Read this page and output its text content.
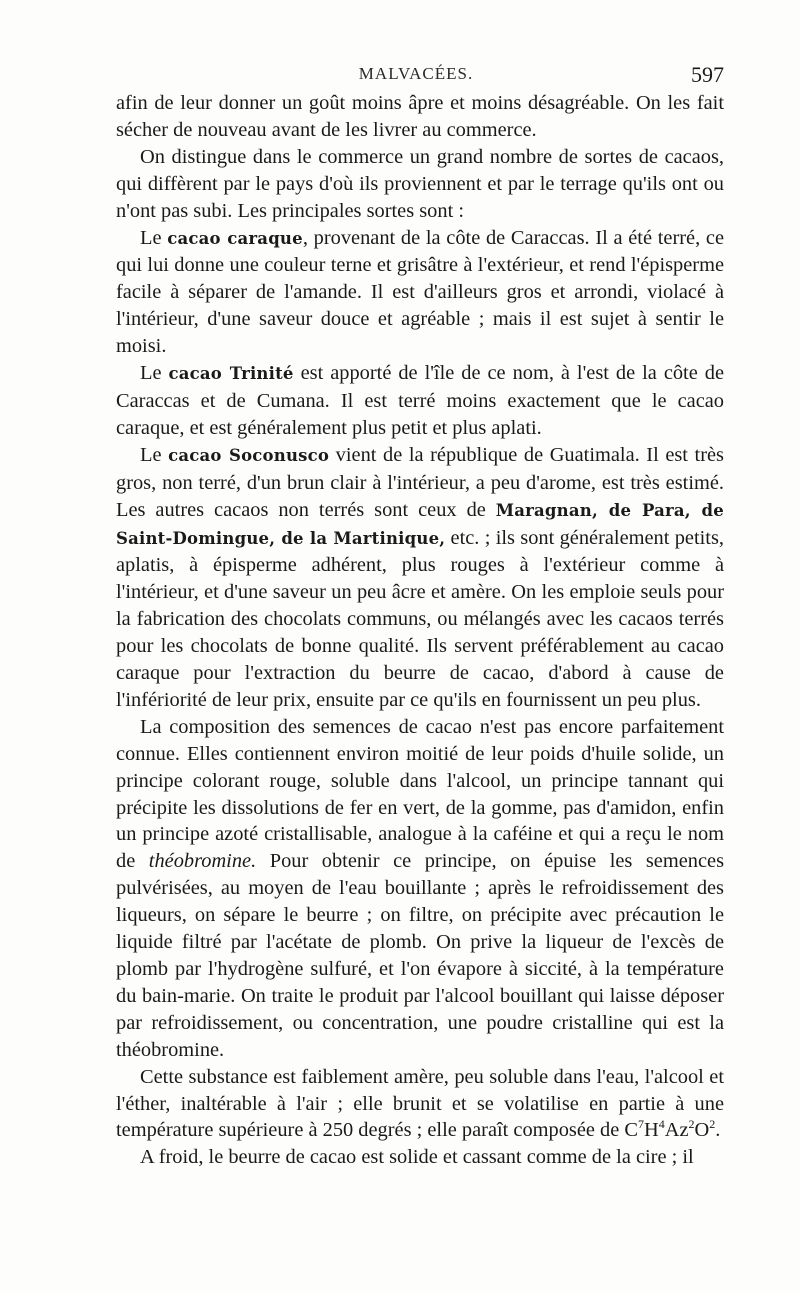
MALVACÉES.	597

afin de leur donner un goût moins âpre et moins désagréable. On les fait sécher de nouveau avant de les livrer au commerce.

On distingue dans le commerce un grand nombre de sortes de cacaos, qui diffèrent par le pays d'où ils proviennent et par le terrage qu'ils ont ou n'ont pas subi. Les principales sortes sont :

Le cacao caraque, provenant de la côte de Caraccas. Il a été terré, ce qui lui donne une couleur terne et grisâtre à l'extérieur, et rend l'épisperme facile à séparer de l'amande. Il est d'ailleurs gros et arrondi, violacé à l'intérieur, d'une saveur douce et agréable ; mais il est sujet à sentir le moisi.

Le cacao Trinité est apporté de l'île de ce nom, à l'est de la côte de Caraccas et de Cumana. Il est terré moins exactement que le cacao caraque, et est généralement plus petit et plus aplati.

Le cacao Soconusco vient de la république de Guatimala. Il est très gros, non terré, d'un brun clair à l'intérieur, a peu d'arome, est très estimé. Les autres cacaos non terrés sont ceux de Maragnan, de Para, de Saint-Domingue, de la Martinique, etc. ; ils sont généralement petits, aplatis, à épisperme adhérent, plus rouges à l'extérieur comme à l'intérieur, et d'une saveur un peu âcre et amère. On les emploie seuls pour la fabrication des chocolats communs, ou mélangés avec les cacaos terrés pour les chocolats de bonne qualité. Ils servent préférablement au cacao caraque pour l'extraction du beurre de cacao, d'abord à cause de l'infériorité de leur prix, ensuite par ce qu'ils en fournissent un peu plus.

La composition des semences de cacao n'est pas encore parfaitement connue. Elles contiennent environ moitié de leur poids d'huile solide, un principe colorant rouge, soluble dans l'alcool, un principe tannant qui précipite les dissolutions de fer en vert, de la gomme, pas d'amidon, enfin un principe azoté cristallisable, analogue à la caféine et qui a reçu le nom de théobromine. Pour obtenir ce principe, on épuise les semences pulvérisées, au moyen de l'eau bouillante ; après le refroidissement des liqueurs, on sépare le beurre ; on filtre, on précipite avec précaution le liquide filtré par l'acétate de plomb. On prive la liqueur de l'excès de plomb par l'hydrogène sulfuré, et l'on évapore à siccité, à la température du bain-marie. On traite le produit par l'alcool bouillant qui laisse déposer par refroidissement, ou concentration, une poudre cristalline qui est la théobromine.

Cette substance est faiblement amère, peu soluble dans l'eau, l'alcool et l'éther, inaltérable à l'air ; elle brunit et se volatilise en partie à une température supérieure à 250 degrés ; elle paraît composée de $C^7H^4Az^2O^2$.

A froid, le beurre de cacao est solide et cassant comme de la cire ; il
